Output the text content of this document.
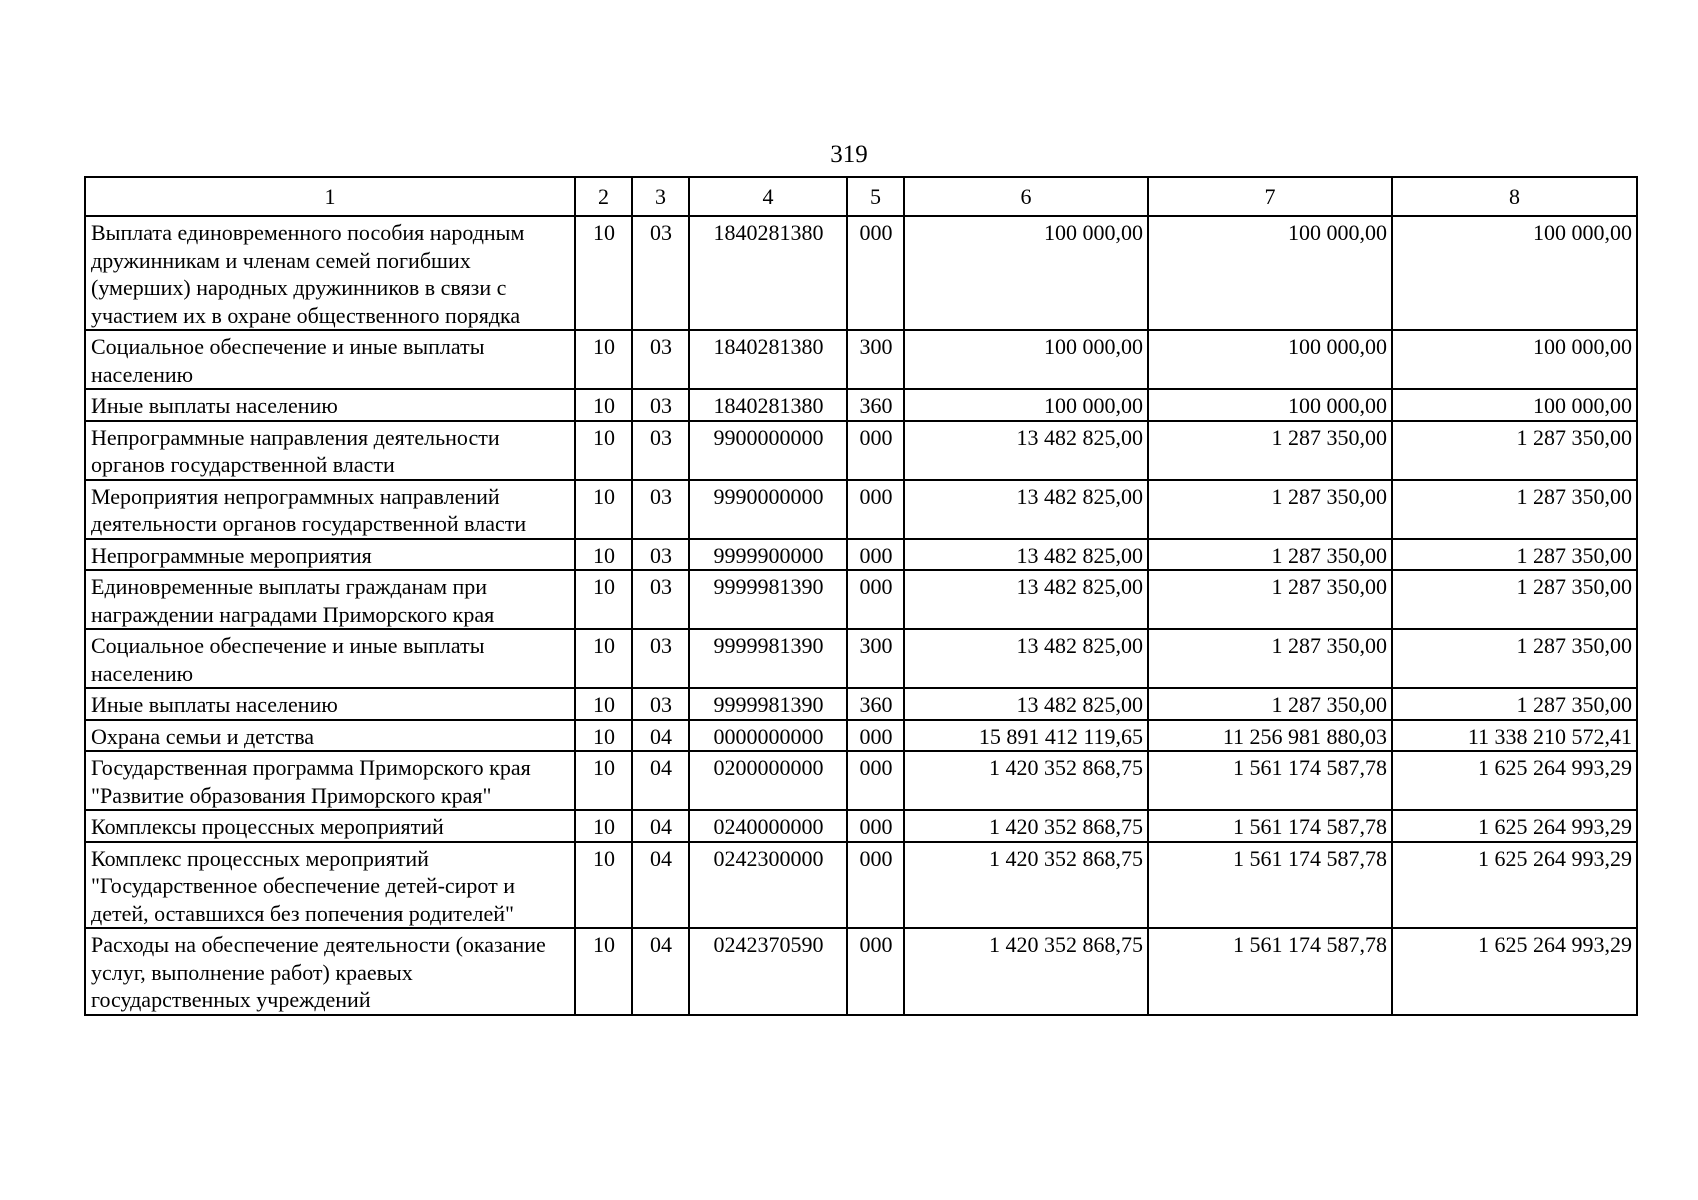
319
1	2	3	4	5	6	7	8
Выплата единовременного пособия народным дружинникам и членам семей погибших (умерших) народных дружинников в связи с участием их в охране общественного порядка	10	03	1840281380	000	100 000,00	100 000,00	100 000,00
Социальное обеспечение и иные выплаты населению	10	03	1840281380	300	100 000,00	100 000,00	100 000,00
Иные выплаты населению	10	03	1840281380	360	100 000,00	100 000,00	100 000,00
Непрограммные направления деятельности органов государственной власти	10	03	9900000000	000	13 482 825,00	1 287 350,00	1 287 350,00
Мероприятия непрограммных направлений деятельности органов государственной власти	10	03	9990000000	000	13 482 825,00	1 287 350,00	1 287 350,00
Непрограммные мероприятия	10	03	9999900000	000	13 482 825,00	1 287 350,00	1 287 350,00
Единовременные выплаты гражданам при награждении наградами Приморского края	10	03	9999981390	000	13 482 825,00	1 287 350,00	1 287 350,00
Социальное обеспечение и иные выплаты населению	10	03	9999981390	300	13 482 825,00	1 287 350,00	1 287 350,00
Иные выплаты населению	10	03	9999981390	360	13 482 825,00	1 287 350,00	1 287 350,00
Охрана семьи и детства	10	04	0000000000	000	15 891 412 119,65	11 256 981 880,03	11 338 210 572,41
Государственная программа Приморского края "Развитие образования Приморского края"	10	04	0200000000	000	1 420 352 868,75	1 561 174 587,78	1 625 264 993,29
Комплексы процессных мероприятий	10	04	0240000000	000	1 420 352 868,75	1 561 174 587,78	1 625 264 993,29
Комплекс процессных мероприятий "Государственное обеспечение детей-сирот и детей, оставшихся без попечения родителей"	10	04	0242300000	000	1 420 352 868,75	1 561 174 587,78	1 625 264 993,29
Расходы на обеспечение деятельности (оказание услуг, выполнение работ) краевых государственных учреждений	10	04	0242370590	000	1 420 352 868,75	1 561 174 587,78	1 625 264 993,29
